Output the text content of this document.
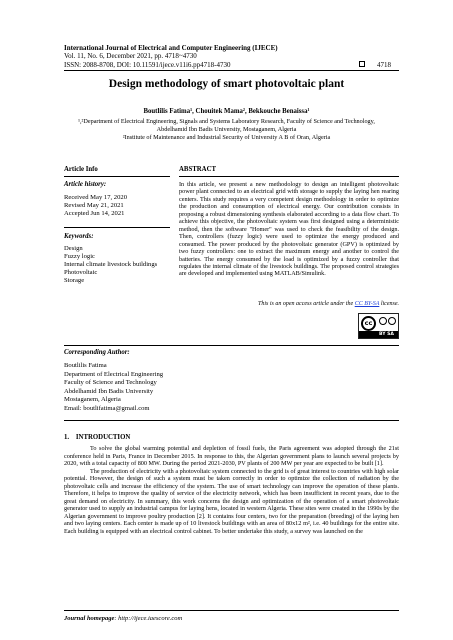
International Journal of Electrical and Computer Engineering (IJECE)
Vol. 11, No. 6, December 2021, pp. 4718~4730
ISSN: 2088-8708, DOI: 10.11591/ijece.v11i6.pp4718-4730	4718
Design methodology of smart photovoltaic plant
Boutlilis Fatima¹, Chouitek Mama², Bekkouche Benaissa¹
¹,²Department of Electrical Engineering, Signals and Systems Laboratory Research, Faculty of Science and Technology,
Abdelhamid Ibn Badis University, Mostaganem, Algeria
²Institute of Maintenance and Industrial Security of University A B of Oran, Algeria
Article Info
Article history:
Received May 17, 2020
Revised May 21, 2021
Accepted Jun 14, 2021
Keywords:
Design
Fuzzy logic
Internal climate livestock buildings
Photovoltaic
Storage
ABSTRACT
In this article, we present a new methodology to design an intelligent photovoltaic power plant connected to an electrical grid with storage to supply the laying hen rearing centers. This study requires a very competent design methodology in order to optimize the production and consumption of electrical energy. Our contribution consists in proposing a robust dimensioning synthesis elaborated according to a data flow chart. To achieve this objective, the photovoltaic system was first designed using a deterministic method, then the software "Homer" was used to check the feasibility of the design. Then, controllers (fuzzy logic) were used to optimize the energy produced and consumed. The power produced by the photovoltaic generator (GPV) is optimized by two fuzzy controllers: one to extract the maximum energy and another to control the batteries. The energy consumed by the load is optimized by a fuzzy controller that regulates the internal climate of the livestock buildings. The proposed control strategies are developed and implemented using MATLAB/Simulink.
This is an open access article under the CC BY-SA license.
cc
BY SA
Corresponding Author:
Boutlilis Fatima
Department of Electrical Engineering
Faculty of Science and Technology
Abdelhamid Ibn Badis University
Mostaganem, Algeria
Email: boutlifatima@gmail.com
1.    INTRODUCTION

To solve the global warming potential and depletion of fossil fuels, the Paris agreement was adopted through the 21st conference held in Paris, France in December 2015. In response to this, the Algerian government plans to launch several projects by 2020, with a total capacity of 800 MW. During the period 2021-2030, PV plants of 200 MW per year are expected to be built [1].

The production of electricity with a photovoltaic system connected to the grid is of great interest to countries with high solar potential. However, the design of such a system must be taken correctly in order to optimize the collection of radiation by the photovoltaic cells and increase the efficiency of the system. The use of smart technology can improve the operation of these plants. Therefore, it helps to improve the quality of service of the electricity network, which has been insufficient in recent years, due to the great demand on electricity. In summary, this work concerns the design and optimization of the operation of a smart photovoltaic generator used to supply an industrial campus for laying hens, located in western Algeria. These sites were created in the 1990s by the Algerian government to improve poultry production [2]. It contains four centers, two for the preparation (breeding) of the laying hen and two laying centers. Each center is made up of 10 livestock buildings with an area of 80x12 m², i.e. 40 buildings for the entire site. Each building is equipped with an electrical control cabinet. To better undertake this study, a survey was launched on the

Journal homepage: http://ijece.iaescore.com
